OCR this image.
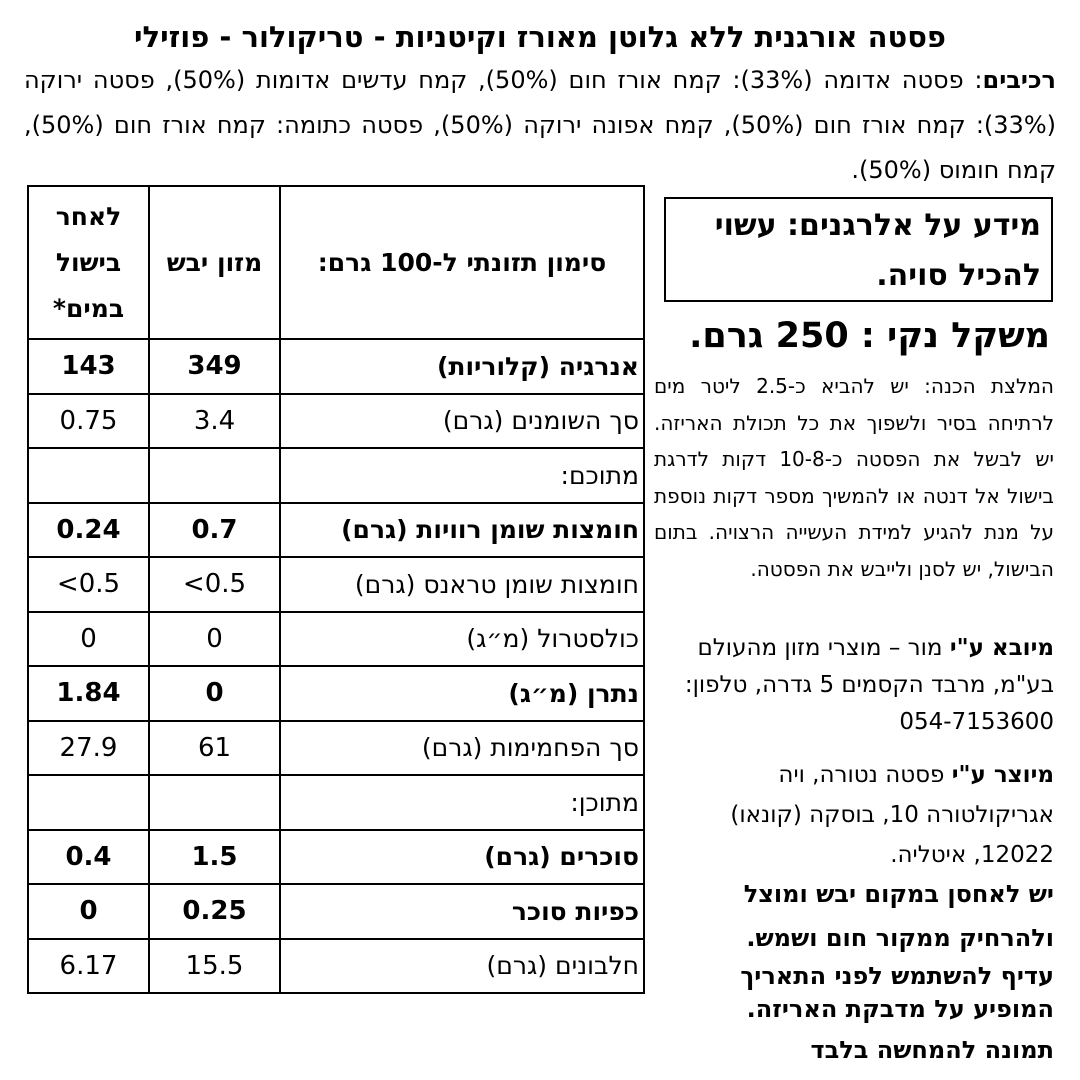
פסטה אורגנית ללא גלוטן מאורז וקיטניות - טריקולור - פוזילי
רכיבים: פסטה אדומה (33%): קמח אורז חום (50%), קמח עדשים אדומות (50%), פסטה ירוקה (33%): קמח אורז חום (50%), קמח אפונה ירוקה (50%), פסטה כתומה: קמח אורז חום (50%), קמח חומוס (50%).
סימון תזונתי ל-100 גרם:	מזון יבש	לאחר בישול במים*
אנרגיה (קלוריות)	349	143
סך השומנים (גרם)	3.4	0.75
מתוכם:		
חומצות שומן רוויות (גרם)	0.7	0.24
חומצות שומן טראנס (גרם)	0.5>	0.5>
כולסטרול (מ״ג)	0	0
נתרן (מ״ג)	0	1.84
סך הפחמימות (גרם)	61	27.9
מתוכן:		
סוכרים (גרם)	1.5	0.4
כפיות סוכר	0.25	0
חלבונים (גרם)	15.5	6.17
מידע על אלרגנים: עשוי להכיל סויה.
משקל נקי : 250 גרם.
המלצת הכנה: יש להביא כ-2.5 ליטר מים לרתיחה בסיר ולשפוך את כל תכולת האריזה. יש לבשל את הפסטה כ-10-8 דקות לדרגת בישול אל דנטה או להמשיך מספר דקות נוספת על מנת להגיע למידת העשייה הרצויה. בתום הבישול, יש לסנן ולייבש את הפסטה.
מיובא ע"י מור – מוצרי מזון מהעולם בע"מ, מרבד הקסמים 5 גדרה, טלפון: 054-7153600
מיוצר ע"י פסטה נטורה, ויה אגריקולטורה 10, בוסקה (קונאו) 12022, איטליה.
יש לאחסן במקום יבש ומוצל ולהרחיק ממקור חום ושמש.
עדיף להשתמש לפני התאריך המופיע על מדבקת האריזה.
תמונה להמחשה בלבד
